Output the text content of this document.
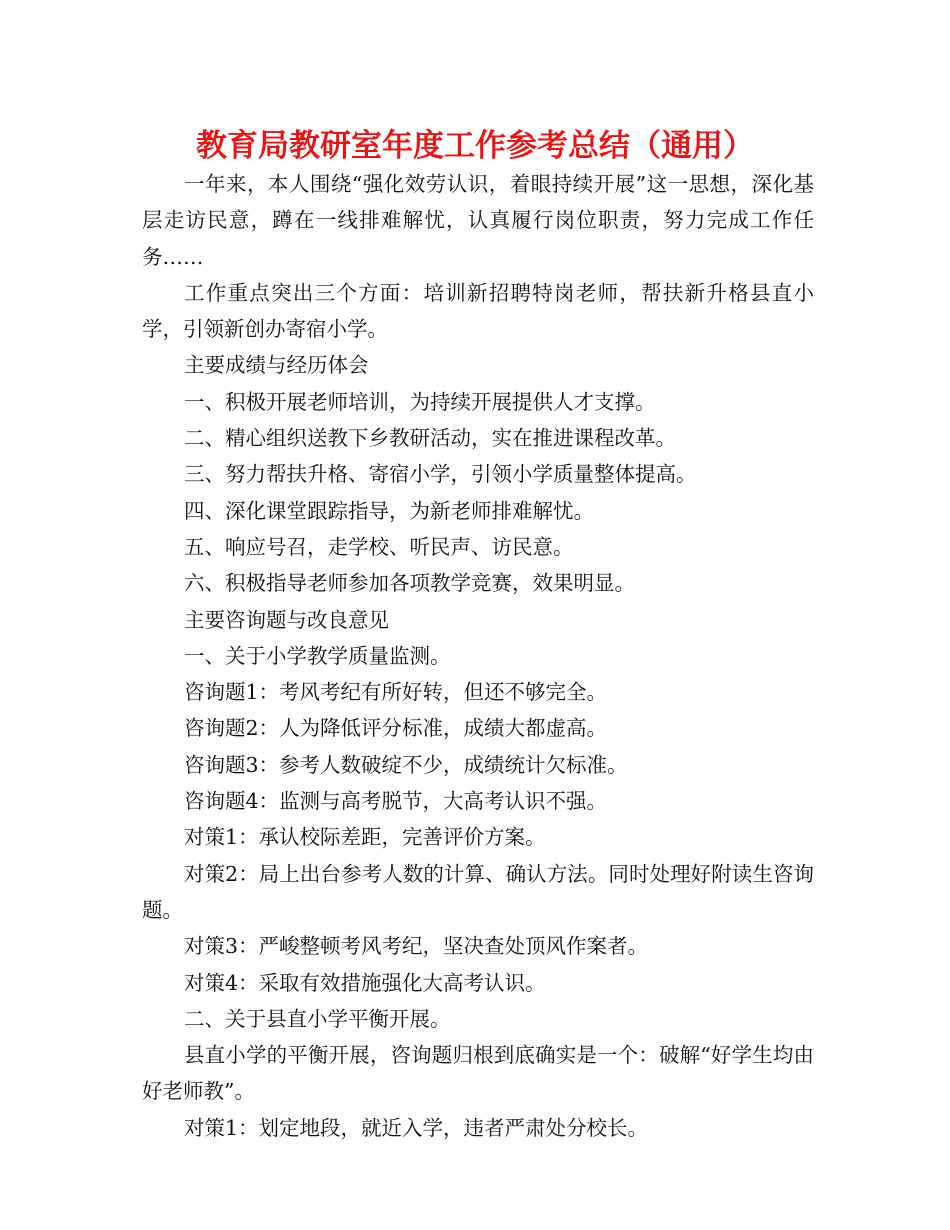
教育局教研室年度工作参考总结（通用）

一年来，本人围绕“强化效劳认识，着眼持续开展”这一思想，深化基层走访民意，蹲在一线排难解忧，认真履行岗位职责，努力完成工作任务……

工作重点突出三个方面：培训新招聘特岗老师，帮扶新升格县直小学，引领新创办寄宿小学。

主要成绩与经历体会

一、积极开展老师培训，为持续开展提供人才支撑。

二、精心组织送教下乡教研活动，实在推进课程改革。

三、努力帮扶升格、寄宿小学，引领小学质量整体提高。

四、深化课堂跟踪指导，为新老师排难解忧。

五、响应号召，走学校、听民声、访民意。

六、积极指导老师参加各项教学竞赛，效果明显。

主要咨询题与改良意见

一、关于小学教学质量监测。

咨询题1：考风考纪有所好转，但还不够完全。

咨询题2：人为降低评分标准，成绩大都虚高。

咨询题3：参考人数破绽不少，成绩统计欠标准。

咨询题4：监测与高考脱节，大高考认识不强。

对策1：承认校际差距，完善评价方案。

对策2：局上出台参考人数的计算、确认方法。同时处理好附读生咨询题。

对策3：严峻整顿考风考纪，坚决查处顶风作案者。

对策4：采取有效措施强化大高考认识。

二、关于县直小学平衡开展。

县直小学的平衡开展，咨询题归根到底确实是一个：破解“好学生均由好老师教”。

对策1：划定地段，就近入学，违者严肃处分校长。
